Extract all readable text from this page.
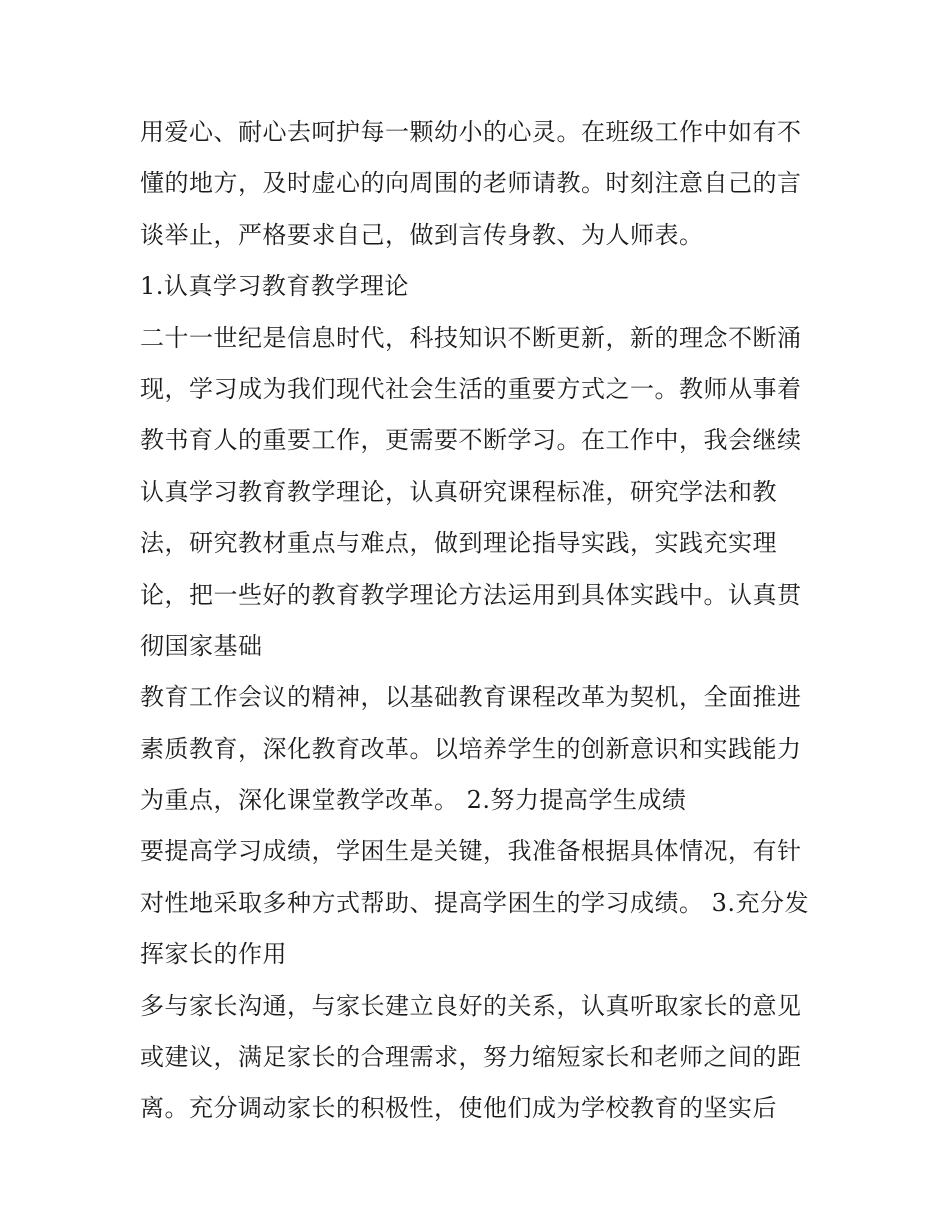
用爱心、耐心去呵护每一颗幼小的心灵。在班级工作中如有不
懂的地方，及时虚心的向周围的老师请教。时刻注意自己的言
谈举止，严格要求自己，做到言传身教、为人师表。
1.认真学习教育教学理论
二十一世纪是信息时代，科技知识不断更新，新的理念不断涌
现，学习成为我们现代社会生活的重要方式之一。教师从事着
教书育人的重要工作，更需要不断学习。在工作中，我会继续
认真学习教育教学理论，认真研究课程标准，研究学法和教
法，研究教材重点与难点，做到理论指导实践，实践充实理
论，把一些好的教育教学理论方法运用到具体实践中。认真贯
彻国家基础
教育工作会议的精神，以基础教育课程改革为契机，全面推进
素质教育，深化教育改革。以培养学生的创新意识和实践能力
为重点，深化课堂教学改革。 2.努力提高学生成绩
要提高学习成绩，学困生是关键，我准备根据具体情况，有针
对性地采取多种方式帮助、提高学困生的学习成绩。 3.充分发
挥家长的作用
多与家长沟通，与家长建立良好的关系，认真听取家长的意见
或建议，满足家长的合理需求，努力缩短家长和老师之间的距
离。充分调动家长的积极性，使他们成为学校教育的坚实后
